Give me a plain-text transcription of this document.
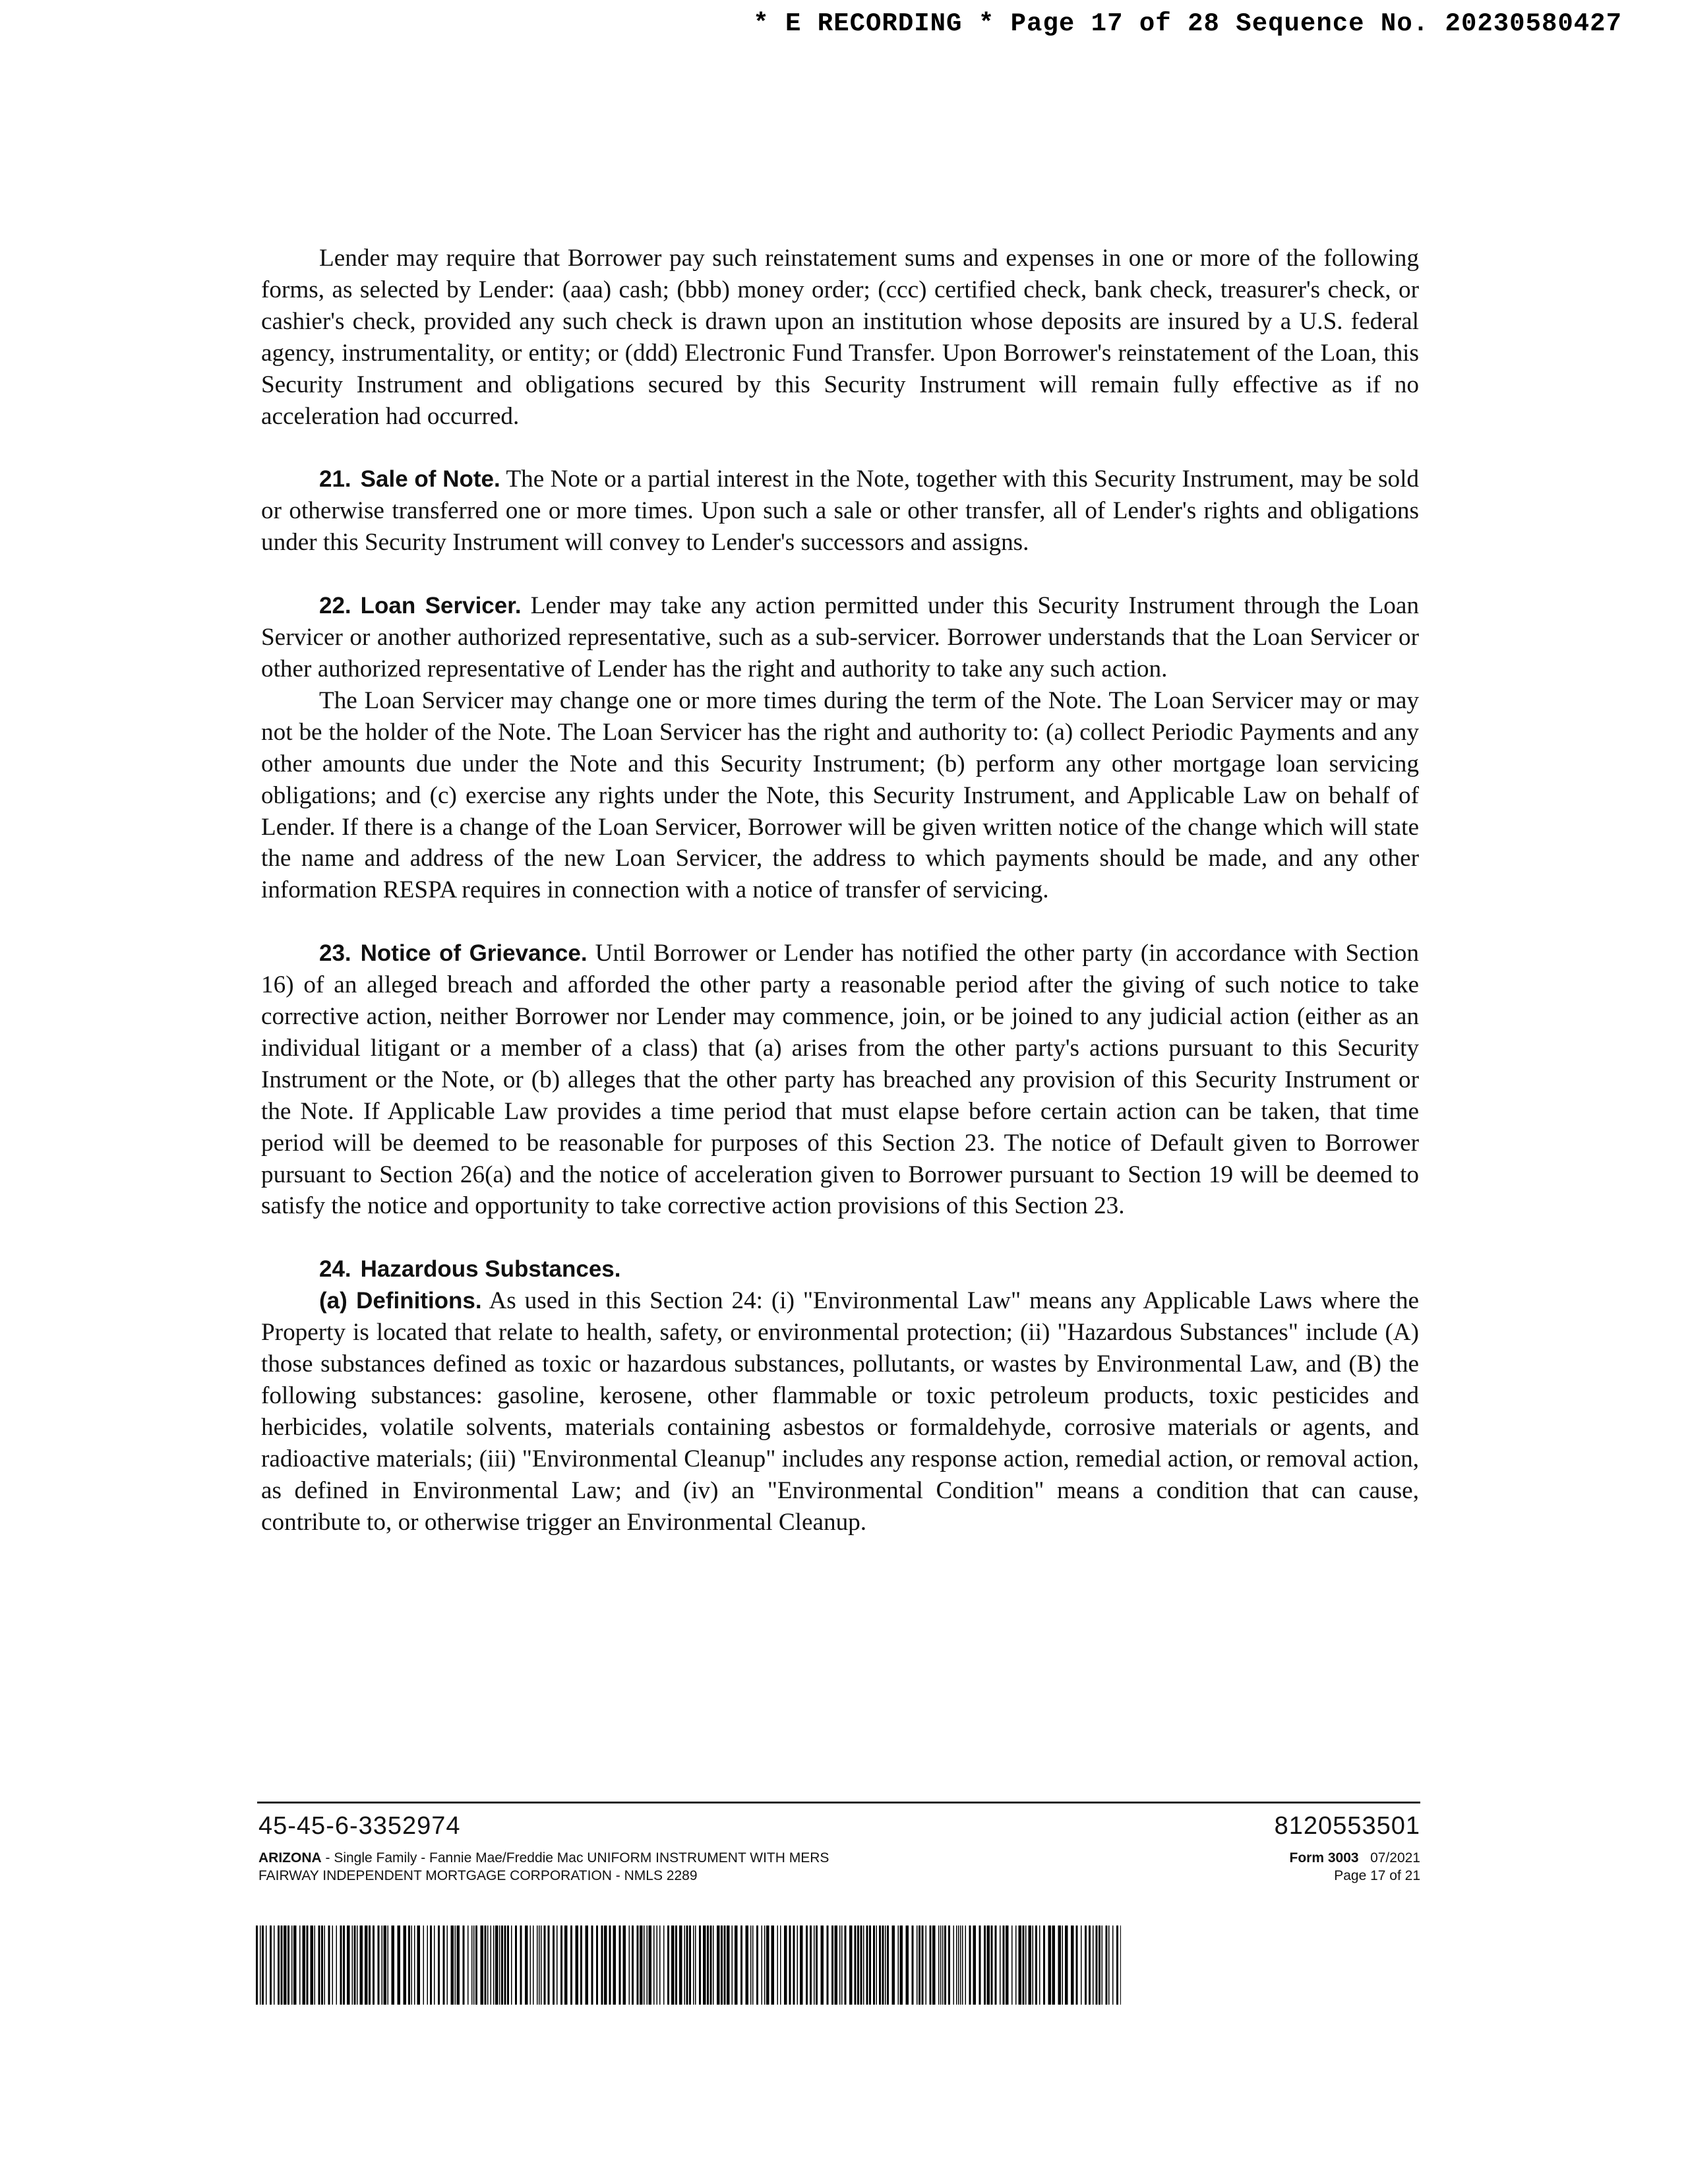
* E RECORDING * Page 17 of 28 Sequence No. 20230580427

Lender may require that Borrower pay such reinstatement sums and expenses in one or more of the following forms, as selected by Lender: (aaa) cash; (bbb) money order; (ccc) certified check, bank check, treasurer's check, or cashier's check, provided any such check is drawn upon an institution whose deposits are insured by a U.S. federal agency, instrumentality, or entity; or (ddd) Electronic Fund Transfer. Upon Borrower's reinstatement of the Loan, this Security Instrument and obligations secured by this Security Instrument will remain fully effective as if no acceleration had occurred.

21. Sale of Note. The Note or a partial interest in the Note, together with this Security Instrument, may be sold or otherwise transferred one or more times. Upon such a sale or other transfer, all of Lender's rights and obligations under this Security Instrument will convey to Lender's successors and assigns.

22. Loan Servicer. Lender may take any action permitted under this Security Instrument through the Loan Servicer or another authorized representative, such as a sub-servicer. Borrower understands that the Loan Servicer or other authorized representative of Lender has the right and authority to take any such action.

The Loan Servicer may change one or more times during the term of the Note. The Loan Servicer may or may not be the holder of the Note. The Loan Servicer has the right and authority to: (a) collect Periodic Payments and any other amounts due under the Note and this Security Instrument; (b) perform any other mortgage loan servicing obligations; and (c) exercise any rights under the Note, this Security Instrument, and Applicable Law on behalf of Lender. If there is a change of the Loan Servicer, Borrower will be given written notice of the change which will state the name and address of the new Loan Servicer, the address to which payments should be made, and any other information RESPA requires in connection with a notice of transfer of servicing.

23. Notice of Grievance. Until Borrower or Lender has notified the other party (in accordance with Section 16) of an alleged breach and afforded the other party a reasonable period after the giving of such notice to take corrective action, neither Borrower nor Lender may commence, join, or be joined to any judicial action (either as an individual litigant or a member of a class) that (a) arises from the other party's actions pursuant to this Security Instrument or the Note, or (b) alleges that the other party has breached any provision of this Security Instrument or the Note. If Applicable Law provides a time period that must elapse before certain action can be taken, that time period will be deemed to be reasonable for purposes of this Section 23. The notice of Default given to Borrower pursuant to Section 26(a) and the notice of acceleration given to Borrower pursuant to Section 19 will be deemed to satisfy the notice and opportunity to take corrective action provisions of this Section 23.

24. Hazardous Substances.

(a) Definitions. As used in this Section 24: (i) "Environmental Law" means any Applicable Laws where the Property is located that relate to health, safety, or environmental protection; (ii) "Hazardous Substances" include (A) those substances defined as toxic or hazardous substances, pollutants, or wastes by Environmental Law, and (B) the following substances: gasoline, kerosene, other flammable or toxic petroleum products, toxic pesticides and herbicides, volatile solvents, materials containing asbestos or formaldehyde, corrosive materials or agents, and radioactive materials; (iii) "Environmental Cleanup" includes any response action, remedial action, or removal action, as defined in Environmental Law; and (iv) an "Environmental Condition" means a condition that can cause, contribute to, or otherwise trigger an Environmental Cleanup.

45-45-6-3352974
ARIZONA - Single Family - Fannie Mae/Freddie Mac UNIFORM INSTRUMENT WITH MERS
FAIRWAY INDEPENDENT MORTGAGE CORPORATION - NMLS 2289
8120553501
Form 3003 07/2021
Page 17 of 21
